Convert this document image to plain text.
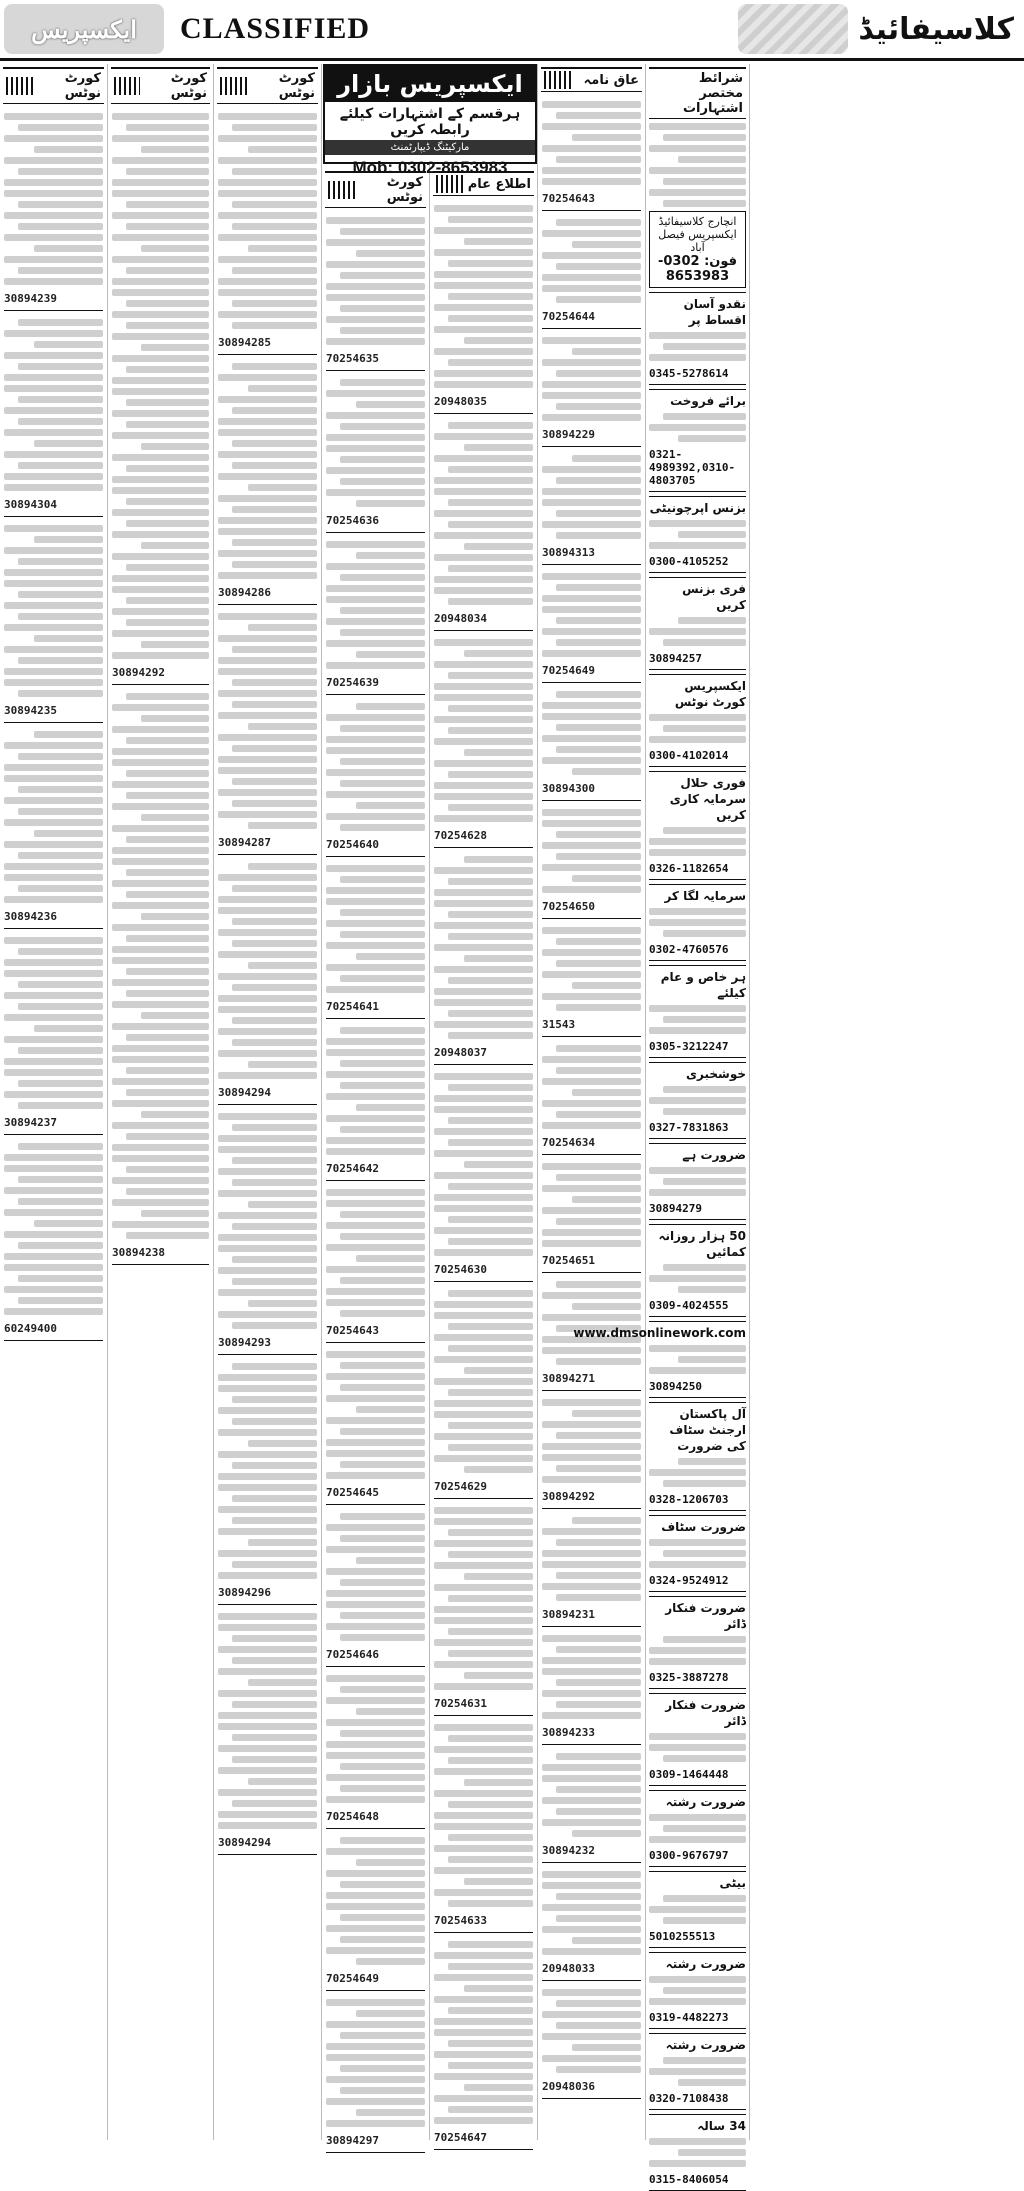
ایکسپریس	CLASSIFIED	کلاسیفائیڈ
کورٹ نوٹس
30894239
30894304
30894235
30894236
30894237
60249400
کورٹ نوٹس
30894292
30894238
کورٹ نوٹس
30894285
30894286
30894287
30894294
30894293
30894296
30894294
کورٹ نوٹس
70254635
70254636
70254639
70254640
70254641
70254642
70254643
70254645
70254646
70254648
70254649
30894297
اطلاع عام
20948035
20948034
70254628
20948037
70254630
70254629
70254631
70254633
70254647
عاق نامہ
70254643
70254644
30894229
30894313
70254649
30894300
70254650
31543
70254634
70254651
30894271
30894292
30894231
30894233
30894232
20948033
20948036
شرائط مختصر اشتہارات
انچارج کلاسیفائیڈ ایکسپریس فیصل آباد
فون: 0302-8653983
نقدو آسان اقساط پر
0345-5278614
برائے فروخت
0321-4989392,0310-4803705
بزنس اپرچونیٹی
0300-4105252
فری بزنس کریں
30894257
ایکسپریس کورٹ نوٹس
0300-4102014
فوری حلال سرمایہ کاری کریں
0326-1182654
سرمایہ لگا کر
0302-4760576
ہر خاص و عام کیلئے
0305-3212247
خوشخبری
0327-7831863
ضرورت ہے
30894279
50 ہزار روزانہ کمائیں
0309-4024555
www.dmsonlinework.com
30894250
آل پاکستان ارجنٹ سٹاف کی ضرورت
0328-1206703
ضرورت سٹاف
0324-9524912
ضرورت فنکار ڈائر
0325-3887278
ضرورت فنکار ڈائر
0309-1464448
ضرورت رشتہ
0300-9676797
بیٹی
5010255513
ضرورت رشتہ
0319-4482273
ضرورت رشتہ
0320-7108438
34 سالہ
0315-8406054
ایکسپریس بازار
ہرقسم کے اشتہارات کیلئے رابطہ کریں
مارکیٹنگ ڈیپارٹمنٹ
Mob: 0302-8653983
